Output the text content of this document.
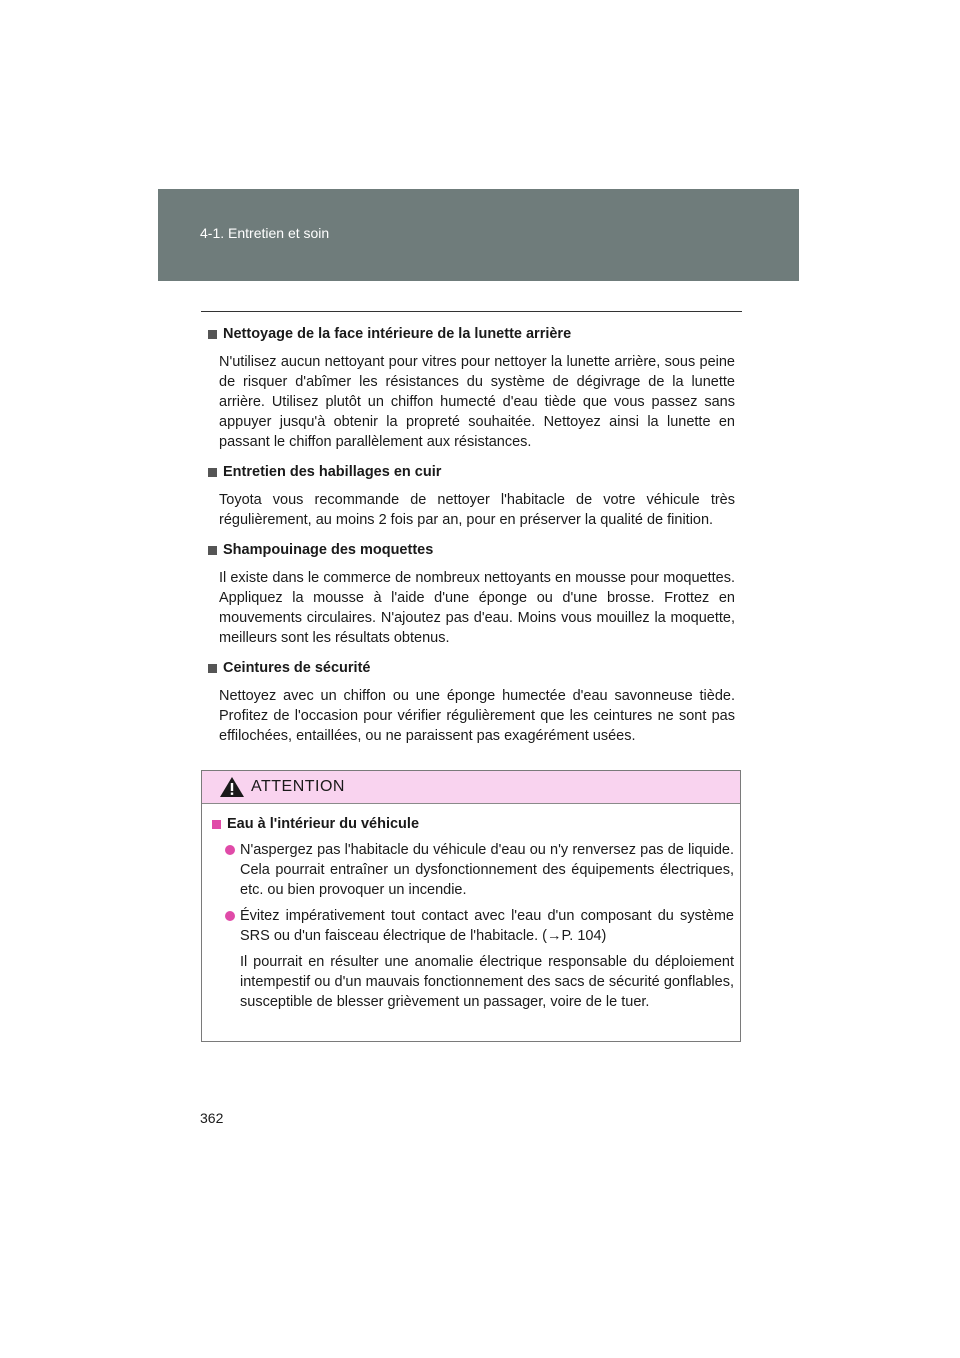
4-1. Entretien et soin
Nettoyage de la face intérieure de la lunette arrière
N'utilisez aucun nettoyant pour vitres pour nettoyer la lunette arrière, sous peine de risquer d'abîmer les résistances du système de dégivrage de la lunette arrière. Utilisez plutôt un chiffon humecté d'eau tiède que vous passez sans appuyer jusqu'à obtenir la propreté souhaitée. Nettoyez ainsi la lunette en passant le chiffon parallèlement aux résistances.
Entretien des habillages en cuir
Toyota vous recommande de nettoyer l'habitacle de votre véhicule très régulièrement, au moins 2 fois par an, pour en préserver la qualité de finition.
Shampouinage des moquettes
Il existe dans le commerce de nombreux nettoyants en mousse pour moquettes. Appliquez la mousse à l'aide d'une éponge ou d'une brosse. Frottez en mouvements circulaires. N'ajoutez pas d'eau. Moins vous mouillez la moquette, meilleurs sont les résultats obtenus.
Ceintures de sécurité
Nettoyez avec un chiffon ou une éponge humectée d'eau savonneuse tiède. Profitez de l'occasion pour vérifier régulièrement que les ceintures ne sont pas effilochées, entaillées, ou ne paraissent pas exagérément usées.
ATTENTION
Eau à l'intérieur du véhicule
N'aspergez pas l'habitacle du véhicule d'eau ou n'y renversez pas de liquide. Cela pourrait entraîner un dysfonctionnement des équipements électriques, etc. ou bien provoquer un incendie.
Évitez impérativement tout contact avec l'eau d'un composant du système SRS ou d'un faisceau électrique de l'habitacle. (→P. 104)
Il pourrait en résulter une anomalie électrique responsable du déploiement intempestif ou d'un mauvais fonctionnement des sacs de sécurité gonflables, susceptible de blesser grièvement un passager, voire de le tuer.
362
